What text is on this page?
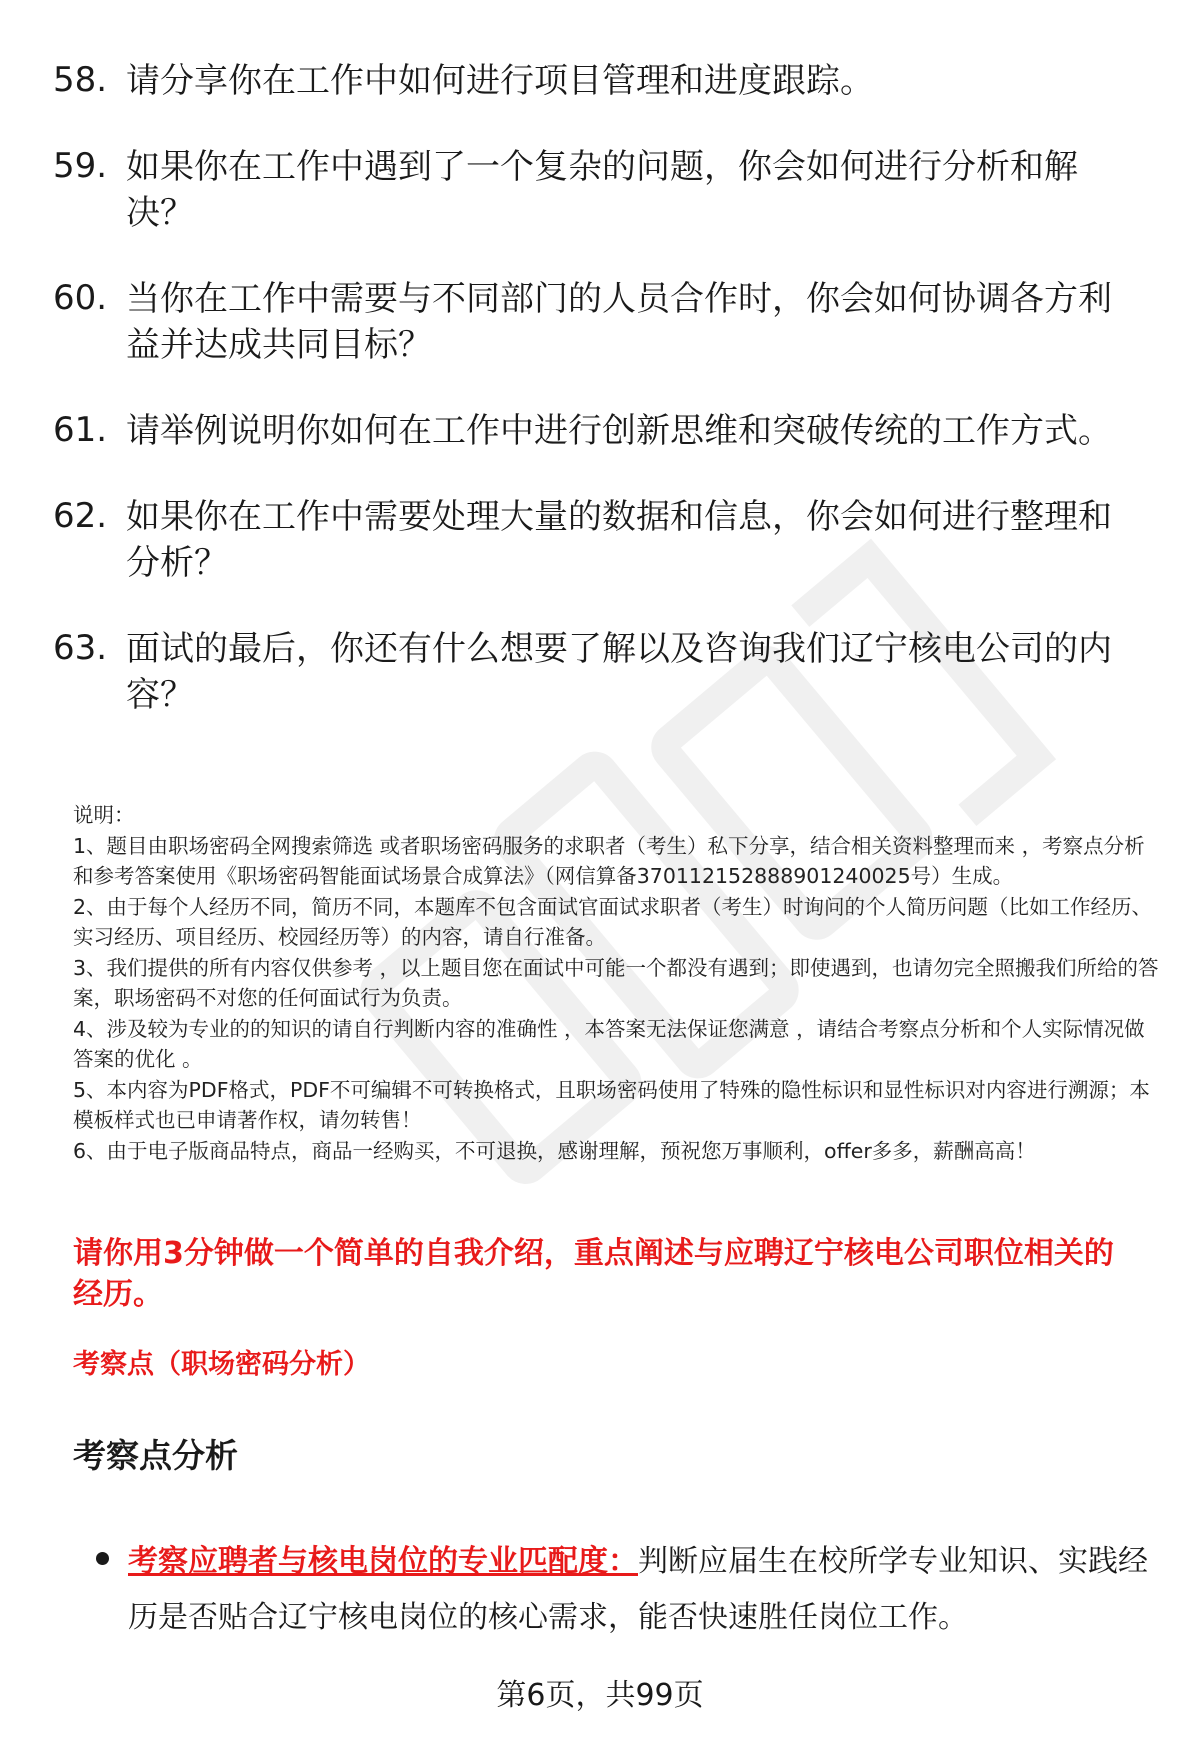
58. 请分享你在工作中如何进行项目管理和进度跟踪。
59. 如果你在工作中遇到了一个复杂的问题，你会如何进行分析和解决？
60. 当你在工作中需要与不同部门的人员合作时，你会如何协调各方利益并达成共同目标？
61. 请举例说明你如何在工作中进行创新思维和突破传统的工作方式。
62. 如果你在工作中需要处理大量的数据和信息，你会如何进行整理和分析？
63. 面试的最后，你还有什么想要了解以及咨询我们辽宁核电公司的内容？

说明：

1、题目由职场密码全网搜索筛选 或者职场密码服务的求职者（考生）私下分享，结合相关资料整理而来 ，考察点分析和参考答案使用《职场密码智能面试场景合成算法》（网信算备370112152888901240025号）生成。

2、由于每个人经历不同，简历不同，本题库不包含面试官面试求职者（考生）时询问的个人简历问题（比如工作经历、实习经历、项目经历、校园经历等）的内容，请自行准备。

3、我们提供的所有内容仅供参考 ，以上题目您在面试中可能一个都没有遇到；即使遇到，也请勿完全照搬我们所给的答案，职场密码不对您的任何面试行为负责。

4、涉及较为专业的的知识的请自行判断内容的准确性 ，本答案无法保证您满意 ，请结合考察点分析和个人实际情况做答案的优化 。

5、本内容为PDF格式，PDF不可编辑不可转换格式，且职场密码使用了特殊的隐性标识和显性标识对内容进行溯源；本模板样式也已申请著作权，请勿转售！

6、由于电子版商品特点，商品一经购买，不可退换，感谢理解，预祝您万事顺利，offer多多，薪酬高高！

请你用3分钟做一个简单的自我介绍，重点阐述与应聘辽宁核电公司职位相关的经历。
考察点（职场密码分析）
考察点分析
考察应聘者与核电岗位的专业匹配度：判断应届生在校所学专业知识、实践经历是否贴合辽宁核电岗位的核心需求，能否快速胜任岗位工作。
第6页，共99页
